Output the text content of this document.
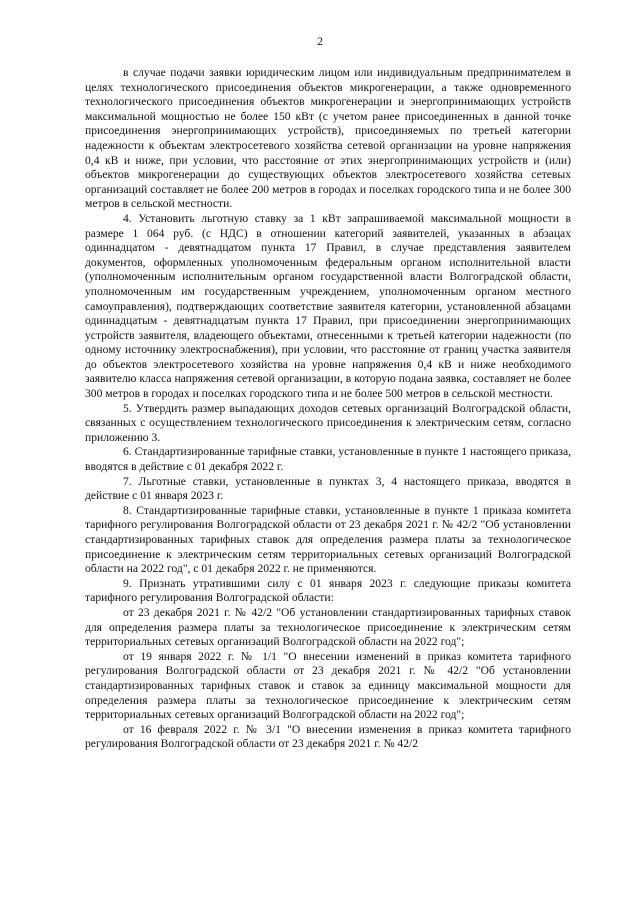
2

в случае подачи заявки юридическим лицом или индивидуальным предпринимателем в целях технологического присоединения объектов микрогенерации, а также одновременного технологического присоединения объектов микрогенерации и энергопринимающих устройств максимальной мощностью не более 150 кВт (с учетом ранее присоединенных в данной точке присоединения энергопринимающих устройств), присоединяемых по третьей категории надежности к объектам электросетевого хозяйства сетевой организации на уровне напряжения 0,4 кВ и ниже, при условии, что расстояние от этих энергопринимающих устройств и (или) объектов микрогенерации до существующих объектов электросетевого хозяйства сетевых организаций составляет не более 200 метров в городах и поселках городского типа и не более 300 метров в сельской местности.

4. Установить льготную ставку за 1 кВт запрашиваемой максимальной мощности в размере 1 064 руб. (с НДС) в отношении категорий заявителей, указанных в абзацах одиннадцатом - девятнадцатом пункта 17 Правил, в случае представления заявителем документов, оформленных уполномоченным федеральным органом исполнительной власти (уполномоченным исполнительным органом государственной власти Волгоградской области, уполномоченным им государственным учреждением, уполномоченным органом местного самоуправления), подтверждающих соответствие заявителя категории, установленной абзацами одиннадцатым - девятнадцатым пункта 17 Правил, при присоединении энергопринимающих устройств заявителя, владеющего объектами, отнесенными к третьей категории надежности (по одному источнику электроснабжения), при условии, что расстояние от границ участка заявителя до объектов электросетевого хозяйства на уровне напряжения 0,4 кВ и ниже необходимого заявителю класса напряжения сетевой организации, в которую подана заявка, составляет не более 300 метров в городах и поселках городского типа и не более 500 метров в сельской местности.

5. Утвердить размер выпадающих доходов сетевых организаций Волгоградской области, связанных с осуществлением технологического присоединения к электрическим сетям, согласно приложению 3.

6. Стандартизированные тарифные ставки, установленные в пункте 1 настоящего приказа, вводятся в действие с 01 декабря 2022 г.

7. Льготные ставки, установленные в пунктах 3, 4 настоящего приказа, вводятся в действие с 01 января 2023 г.

8. Стандартизированные тарифные ставки, установленные в пункте 1 приказа комитета тарифного регулирования Волгоградской области от 23 декабря 2021 г. № 42/2 "Об установлении стандартизированных тарифных ставок для определения размера платы за технологическое присоединение к электрическим сетям территориальных сетевых организаций Волгоградской области на 2022 год", с 01 декабря 2022 г. не применяются.

9. Признать утратившими силу с 01 января 2023 г. следующие приказы комитета тарифного регулирования Волгоградской области:

от 23 декабря 2021 г. № 42/2 "Об установлении стандартизированных тарифных ставок для определения размера платы за технологическое присоединение к электрическим сетям территориальных сетевых организаций Волгоградской области на 2022 год";

от 19 января 2022 г. № 1/1 "О внесении изменений в приказ комитета тарифного регулирования Волгоградской области от 23 декабря 2021 г. № 42/2 "Об установлении стандартизированных тарифных ставок и ставок за единицу максимальной мощности для определения размера платы за технологическое присоединение к электрическим сетям территориальных сетевых организаций Волгоградской области на 2022 год";

от 16 февраля 2022 г. № 3/1 "О внесении изменения в приказ комитета тарифного регулирования Волгоградской области от 23 декабря 2021 г. № 42/2
